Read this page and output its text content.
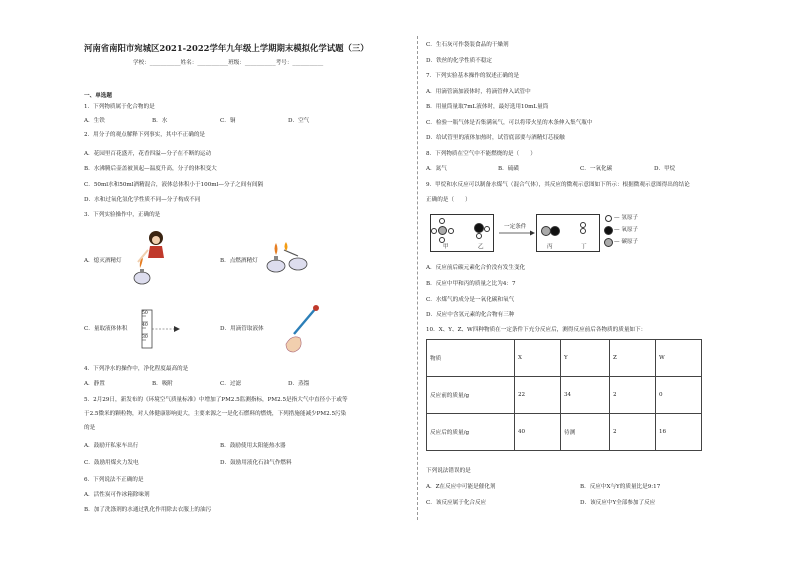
河南省南阳市宛城区2021-2022学年九年级上学期期末模拟化学试题（三）
学校：___________姓名：___________班级：___________考号：___________
一、单选题
1．下列物质属于化合物的是
A．生铁	B．水	C．铜	D．空气
2．用分子的观点解释下列事实，其中不正确的是
A．花园里百花盛开，花香四溢—分子在不断的运动
B．水沸腾后壶盖被顶起—温度升高，分子的体积变大
C．50ml水和50ml酒精混合，液体总体积小于100ml—分子之间有间隔
D．水和过氧化氢化学性质不同—分子构成不同
3．下列实验操作中，正确的是
A．熄灭酒精灯	B．点燃酒精灯
50
40
30
C．量取液体体积	D．用滴管取液体
4．下列净水的操作中，净化程度最高的是
A．静置	B．吸附	C．过滤	D．蒸馏
5．2月29日，新发布的《环境空气质量标准》中增加了PM2.5监测指标，PM2.5是指大气中直径小于或等
于2.5微米的颗粒物，对人体健康影响更大，主要来源之一是化石燃料的燃烧，下列措施能减少PM2.5污染
的是
A．鼓励开私家车出行	B．鼓励使用太阳能热水器
C．鼓励用煤火力发电	D．鼓励用液化石油气作燃料
6．下列说法不正确的是
A．活性炭可作冰箱除味剂
B．加了洗涤剂的水通过乳化作用除去衣服上的油污
C．生石灰可作袋装食品的干燥剂
D．铁丝的化学性质不稳定
7．下列实验基本操作的叙述正确的是
A．用滴管滴加液体时，将滴管伸入试管中
B．用量筒量取7mL液体时，最好选用10mL量筒
C．检验一瓶气体是否集满氧气，可以将带火星的木条伸入集气瓶中
D．给试管里的液体加热时，试管底部要与酒精灯芯接触
8．下列物质在空气中不能燃烧的是（　　）
A．氮气	B．硫磺	C．一氧化碳	D．甲烷
9．甲烷和水反应可以制备水煤气（混合气体），其反应的微观示意图如下所示：根据微观示意图得出的结论
正确的是（　　）
甲	乙
一定条件
丙	丁
— 氢原子
— 氧原子
— 碳原子
A．反应前后碳元素化合价没有发生变化
B．反应中甲和丙的质量之比为4：7
C．水煤气的成分是一氧化碳和氧气
D．反应中含氢元素的化合物有三种
10．X、Y、Z、W四种物质在一定条件下充分反应后，测得反应前后各物质的质量如下：
物质	X	Y	Z	W
反应前的质量/g	22	34	2	0
反应后的质量/g	40	待测	2	16
下列说法错误的是
A．Z在反应中可能是催化剂	B．反应中X与Y的质量比是9:17
C．该反应属于化合反应	D．该反应中Y全部参加了反应
